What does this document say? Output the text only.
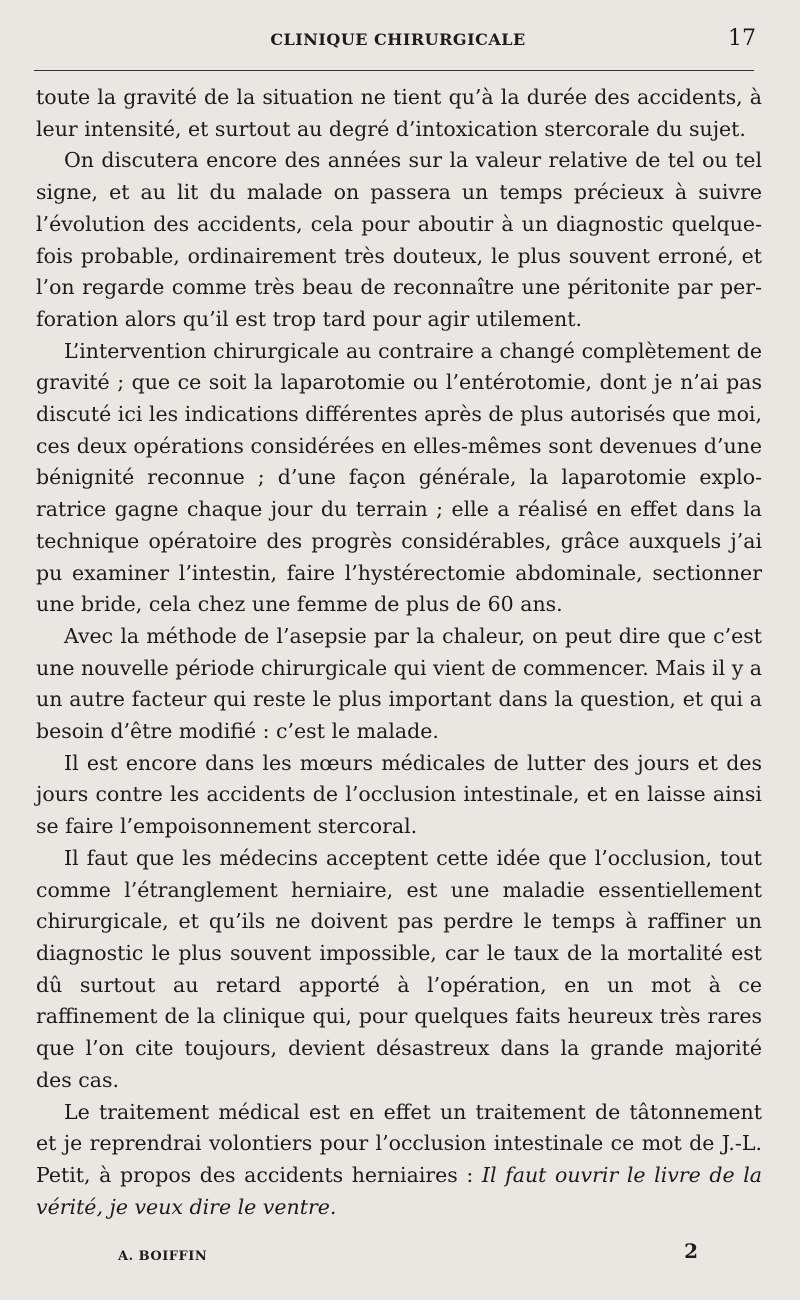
CLINIQUE CHIRURGICALE	17

toute la gravité de la situation ne tient qu’à la durée des accidents, à leur intensité, et surtout au degré d’intoxication stercorale du sujet.

On discutera encore des années sur la valeur relative de tel ou tel signe, et au lit du malade on passera un temps précieux à suivre l’évolution des accidents, cela pour aboutir à un diagnostic quelquefois probable, ordinairement très douteux, le plus souvent erroné, et l’on regarde comme très beau de reconnaître une péritonite par perforation alors qu’il est trop tard pour agir utilement.

L’intervention chirurgicale au contraire a changé complètement de gravité ; que ce soit la laparotomie ou l’entérotomie, dont je n’ai pas discuté ici les indications différentes après de plus autorisés que moi, ces deux opérations considérées en elles-mêmes sont devenues d’une bénignité reconnue ; d’une façon générale, la laparotomie exploratrice gagne chaque jour du terrain ; elle a réalisé en effet dans la technique opératoire des progrès considérables, grâce auxquels j’ai pu examiner l’intestin, faire l’hystérectomie abdominale, sectionner une bride, cela chez une femme de plus de 60 ans.

Avec la méthode de l’asepsie par la chaleur, on peut dire que c’est une nouvelle période chirurgicale qui vient de commencer. Mais il y a un autre facteur qui reste le plus important dans la question, et qui a besoin d’être modifié : c’est le malade.

Il est encore dans les mœurs médicales de lutter des jours et des jours contre les accidents de l’occlusion intestinale, et en laisse ainsi se faire l’empoisonnement stercoral.

Il faut que les médecins acceptent cette idée que l’occlusion, tout comme l’étranglement herniaire, est une maladie essentiellement chirurgicale, et qu’ils ne doivent pas perdre le temps à raffiner un diagnostic le plus souvent impossible, car le taux de la mortalité est dû surtout au retard apporté à l’opération, en un mot à ce raffinement de la clinique qui, pour quelques faits heureux très rares que l’on cite toujours, devient désastreux dans la grande majorité des cas.

Le traitement médical est en effet un traitement de tâtonnement et je reprendrai volontiers pour l’occlusion intestinale ce mot de J.-L. Petit, à propos des accidents herniaires : Il faut ouvrir le livre de la vérité, je veux dire le ventre.

A. BOIFFIN	2
